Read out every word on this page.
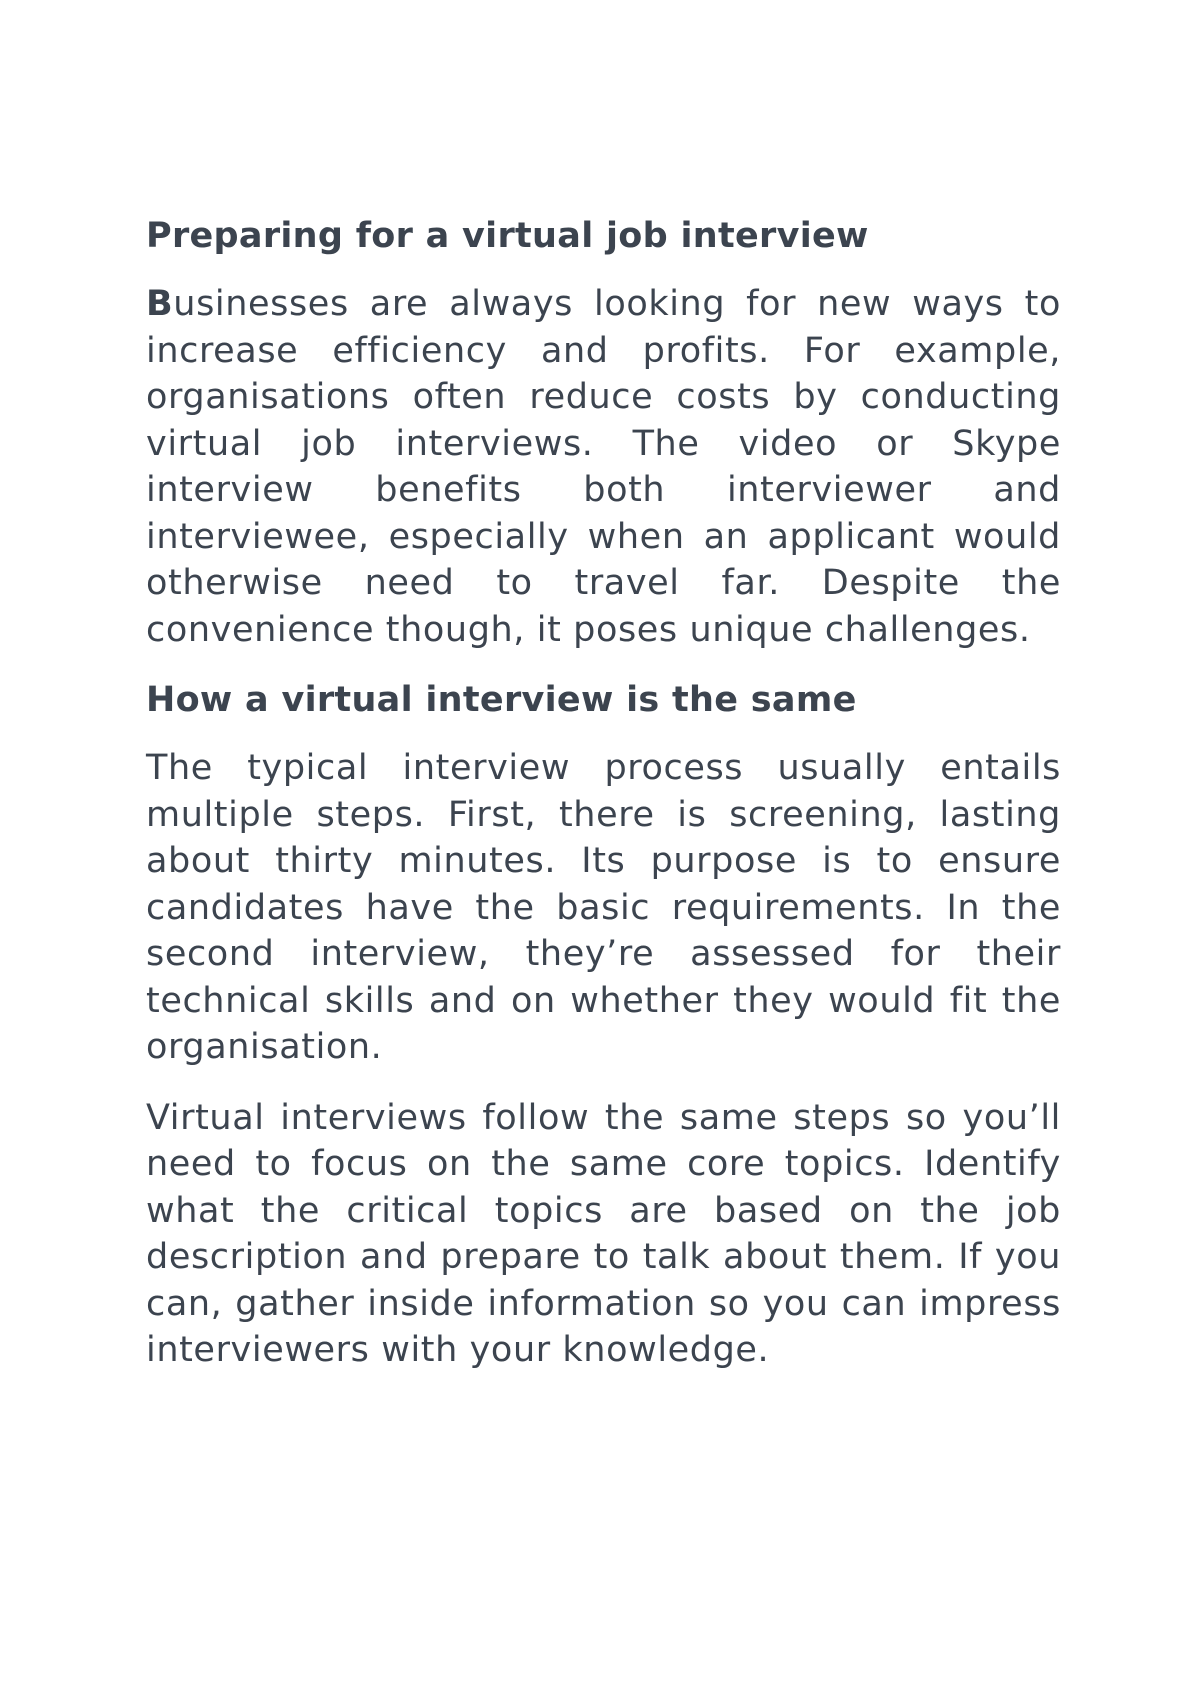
Preparing for a virtual job interview

Businesses are always looking for new ways to increase efficiency and profits. For example, organisations often reduce costs by conducting virtual job interviews. The video or Skype interview benefits both interviewer and interviewee, especially when an applicant would otherwise need to travel far. Despite the convenience though, it poses unique challenges.

How a virtual interview is the same

The typical interview process usually entails multiple steps. First, there is screening, lasting about thirty minutes. Its purpose is to ensure candidates have the basic requirements. In the second interview, they’re assessed for their technical skills and on whether they would fit the organisation.

Virtual interviews follow the same steps so you’ll need to focus on the same core topics. Identify what the critical topics are based on the job description and prepare to talk about them. If you can, gather inside information so you can impress interviewers with your knowledge.
